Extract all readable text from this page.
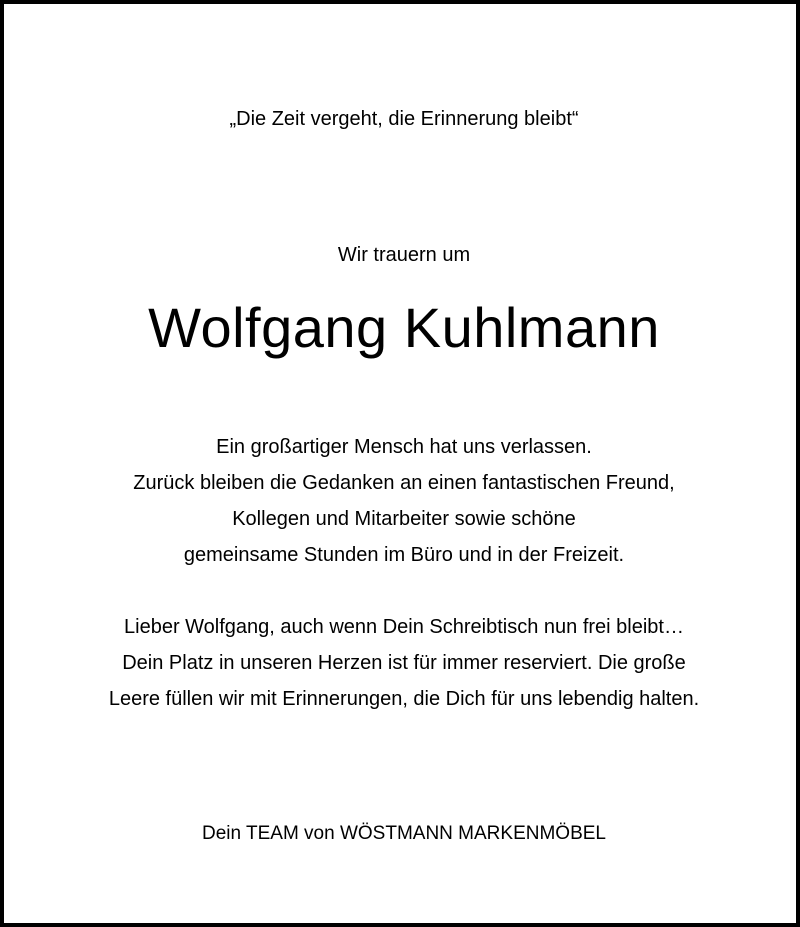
„Die Zeit vergeht, die Erinnerung bleibt“
Wir trauern um
Wolfgang Kuhlmann
Ein großartiger Mensch hat uns verlassen.
Zurück bleiben die Gedanken an einen fantastischen Freund,
Kollegen und Mitarbeiter sowie schöne
gemeinsame Stunden im Büro und in der Freizeit.
Lieber Wolfgang, auch wenn Dein Schreibtisch nun frei bleibt…
Dein Platz in unseren Herzen ist für immer reserviert. Die große
Leere füllen wir mit Erinnerungen, die Dich für uns lebendig halten.
Dein TEAM von WÖSTMANN MARKENMÖBEL
